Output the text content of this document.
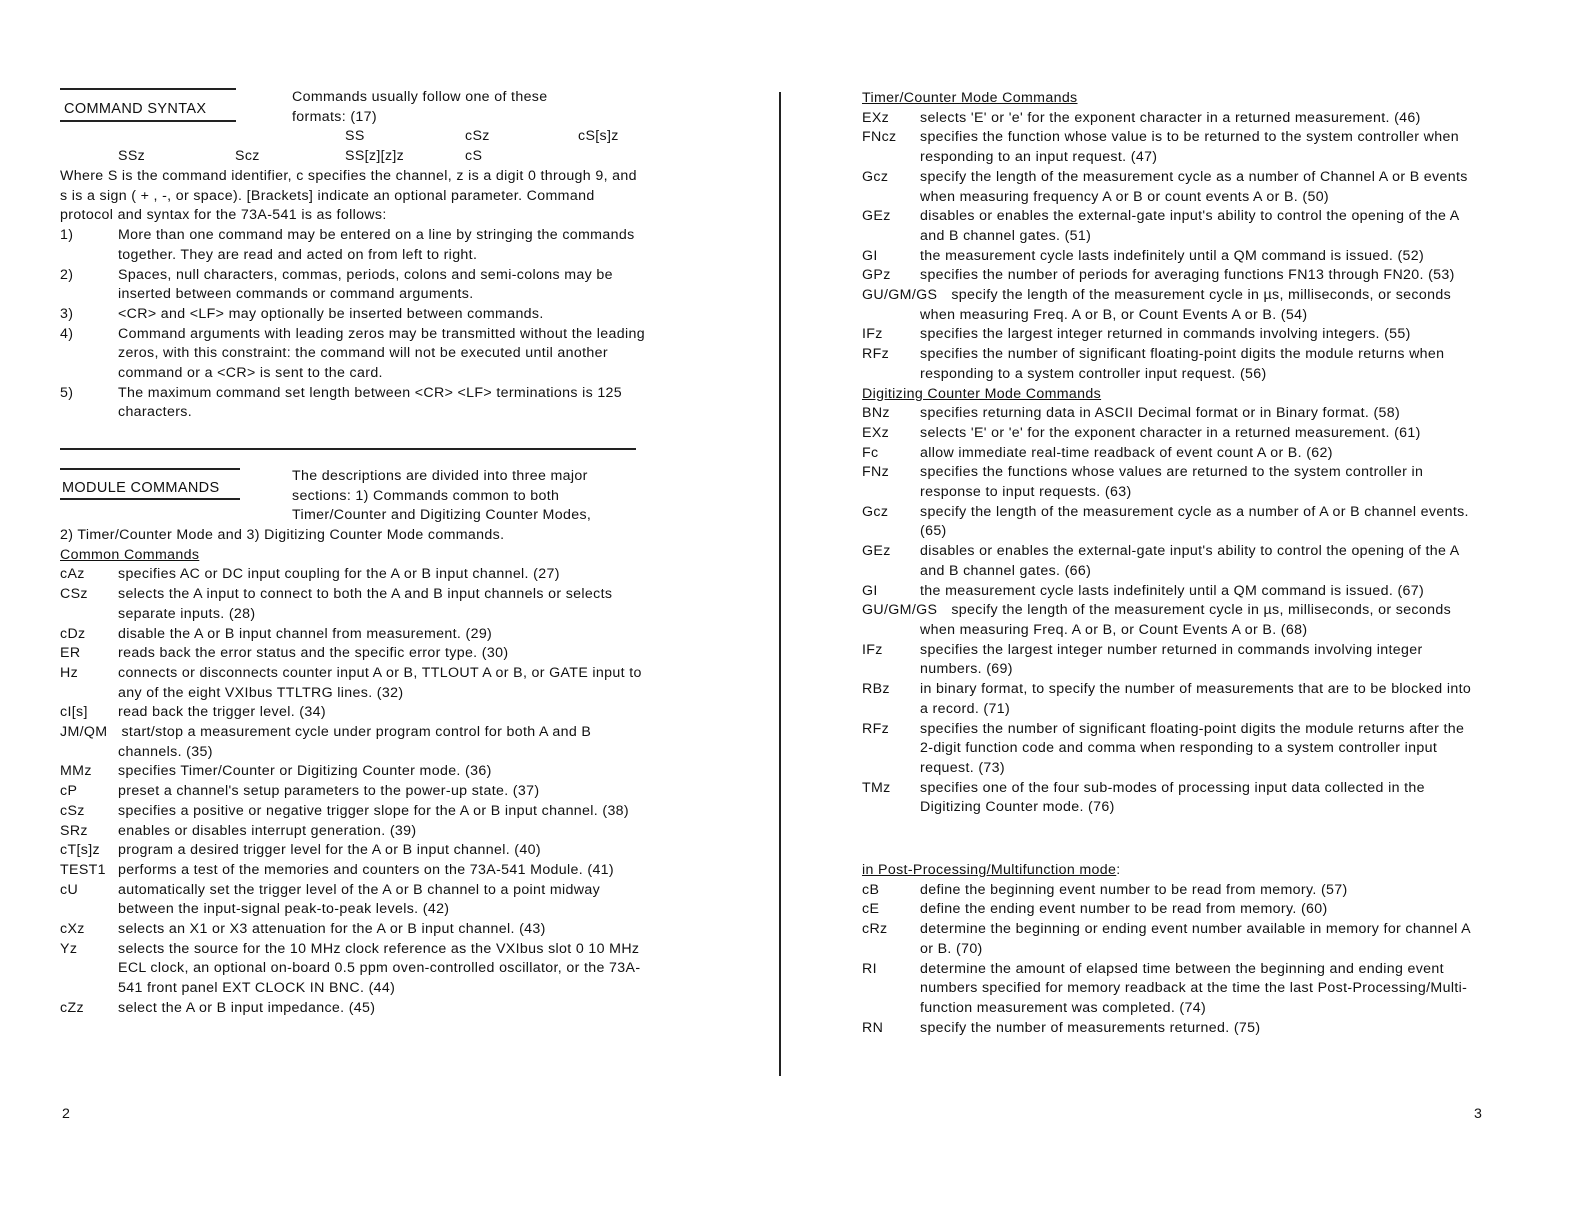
COMMAND SYNTAX
Commands usually follow one of these formats: (17)
SS	cSz	cS[s]z
SSz	Scz	SS[z][z]z	cS
Where S is the command identifier, c specifies the channel, z is a digit 0 through 9, and s is a sign ( + , -, or space). [Brackets] indicate an optional parameter. Command protocol and syntax for the 73A-541 is as follows:
1)	More than one command may be entered on a line by stringing the commands together. They are read and acted on from left to right.
2)	Spaces, null characters, commas, periods, colons and semi-colons may be inserted between commands or command arguments.
3)	<CR> and <LF> may optionally be inserted between commands.
4)	Command arguments with leading zeros may be transmitted without the leading zeros, with this constraint: the command will not be executed until another command or a <CR> is sent to the card.
5)	The maximum command set length between <CR> <LF> terminations is 125 characters.
MODULE COMMANDS
The descriptions are divided into three major sections: 1) Commands common to both Timer/Counter and Digitizing Counter Modes,
2) Timer/Counter Mode and 3) Digitizing Counter Mode commands.
Common Commands
cAz specifies AC or DC input coupling for the A or B input channel. (27)
CSz selects the A input to connect to both the A and B input channels or selects separate inputs. (28)
cDz disable the A or B input channel from measurement. (29)
ER	reads back the error status and the specific error type. (30)
Hz	connects or disconnects counter input A or B, TTLOUT A or B, or GATE input to any of the eight VXIbus TTLTRG lines. (32)
cI[s] read back the trigger level. (34)
JM/QM start/stop a measurement cycle under program control for both A and B channels. (35)
MMz specifies Timer/Counter or Digitizing Counter mode. (36)
cP	preset a channel's setup parameters to the power-up state. (37)
cSz specifies a positive or negative trigger slope for the A or B input channel. (38)
SRz enables or disables interrupt generation. (39)
cT[s]z program a desired trigger level for the A or B input channel. (40)
TEST1 performs a test of the memories and counters on the 73A-541 Module. (41)
cU	automatically set the trigger level of the A or B channel to a point midway between the input-signal peak-to-peak levels. (42)
cXz selects an X1 or X3 attenuation for the A or B input channel. (43)
Yz	selects the source for the 10 MHz clock reference as the VXIbus slot 0 10 MHz ECL clock, an optional on-board 0.5 ppm oven-controlled oscillator, or the 73A-541 front panel EXT CLOCK IN BNC. (44)
cZz select the A or B input impedance. (45)
2
Timer/Counter Mode Commands
EXz selects 'E' or 'e' for the exponent character in a returned measurement. (46)
FNcz specifies the function whose value is to be returned to the system controller when responding to an input request. (47)
Gcz specify the length of the measurement cycle as a number of Channel A or B events when measuring frequency A or B or count events A or B. (50)
GEz disables or enables the external-gate input's ability to control the opening of the A and B channel gates. (51)
GI	the measurement cycle lasts indefinitely until a QM command is issued. (52)
GPz specifies the number of periods for averaging functions FN13 through FN20. (53)
GU/GM/GS specify the length of the measurement cycle in µs, milliseconds, or seconds when measuring Freq. A or B, or Count Events A or B. (54)
IFz	specifies the largest integer returned in commands involving integers. (55)
RFz specifies the number of significant floating-point digits the module returns when responding to a system controller input request. (56)
Digitizing Counter Mode Commands
BNz specifies returning data in ASCII Decimal format or in Binary format. (58)
EXz selects 'E' or 'e' for the exponent character in a returned measurement. (61)
Fc	allow immediate real-time readback of event count A or B. (62)
FNz specifies the functions whose values are returned to the system controller in response to input requests. (63)
Gcz specify the length of the measurement cycle as a number of A or B channel events. (65)
GEz disables or enables the external-gate input's ability to control the opening of the A and B channel gates. (66)
GI	the measurement cycle lasts indefinitely until a QM command is issued. (67)
GU/GM/GS specify the length of the measurement cycle in µs, milliseconds, or seconds when measuring Freq. A or B, or Count Events A or B. (68)
IFz	specifies the largest integer number returned in commands involving integer numbers. (69)
RBz in binary format, to specify the number of measurements that are to be blocked into a record. (71)
RFz specifies the number of significant floating-point digits the module returns after the 2-digit function code and comma when responding to a system controller input request. (73)
TMz specifies one of the four sub-modes of processing input data collected in the Digitizing Counter mode. (76)
in Post-Processing/Multifunction mode:
cB	define the beginning event number to be read from memory. (57)
cE	define the ending event number to be read from memory. (60)
cRz determine the beginning or ending event number available in memory for channel A or B. (70)
RI	determine the amount of elapsed time between the beginning and ending event numbers specified for memory readback at the time the last Post-Processing/Multi-function measurement was completed. (74)
RN	specify the number of measurements returned. (75)
3
